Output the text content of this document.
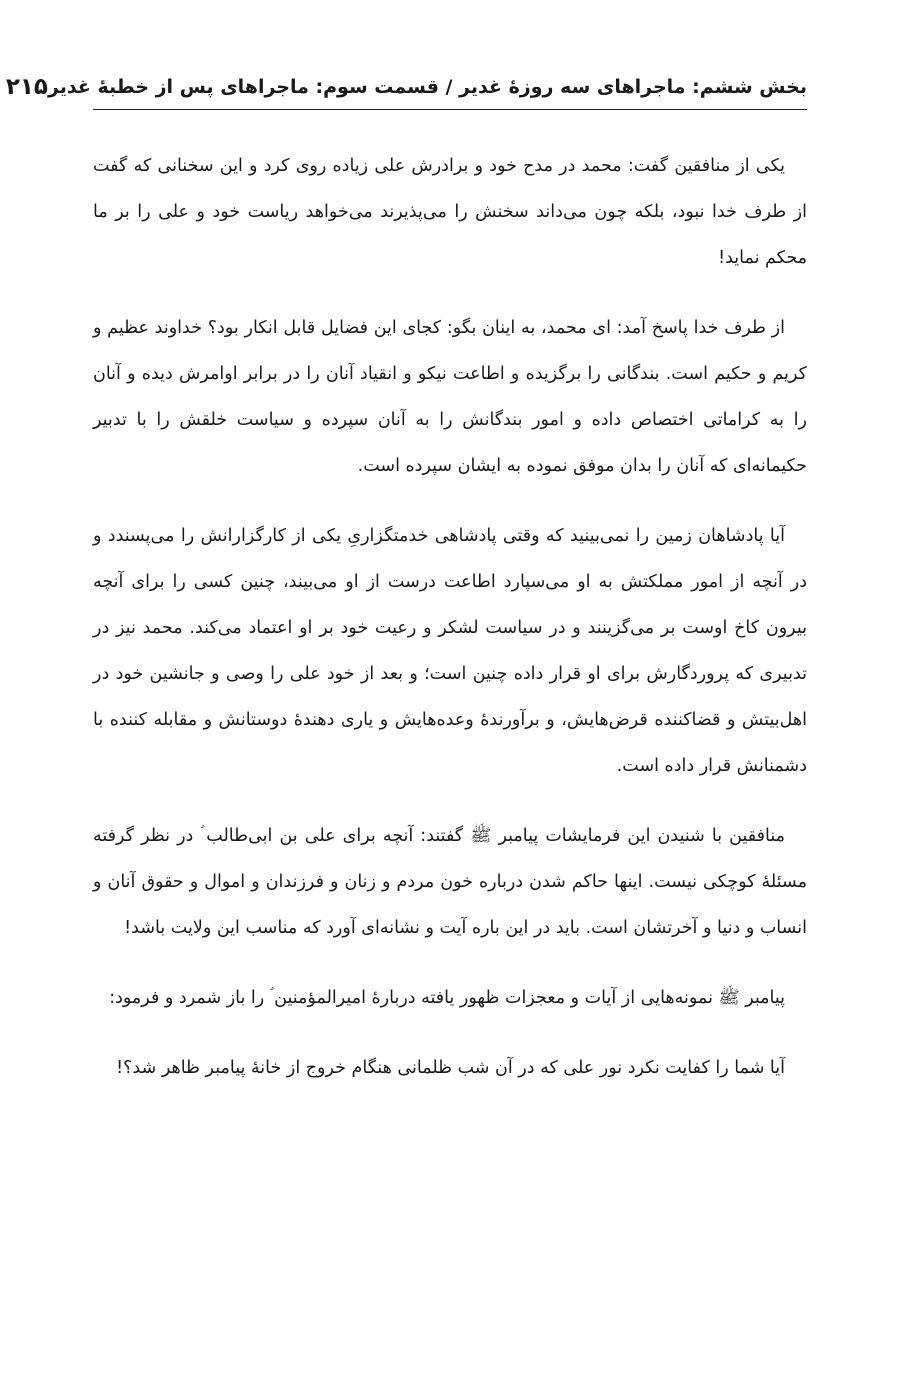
بخش ششم: ماجراهای سه روزهٔ غدیر / قسمت سوم: ماجراهای پس از خطبهٔ غدیر
۲۱۵

یکی از منافقین گفت: محمد در مدح خود و برادرش علی زیاده روی کرد و این سخنانی که گفت از طرف خدا نبود، بلکه چون می‌داند سخنش را می‌پذیرند می‌خواهد ریاست خود و علی را بر ما محکم نماید!

از طرف خدا پاسخ آمد: ای محمد، به اینان بگو: کجای این فضایل قابل انکار بود؟ خداوند عظیم و کریم و حکیم است. بندگانی را برگزیده و اطاعت نیکو و انقیاد آنان را در برابر اوامرش دیده و آنان را به کراماتی اختصاص داده و امور بندگانش را به آنان سپرده و سیاست خلقش را با تدبیر حکیمانه‌ای که آنان را بدان موفق نموده به ایشان سپرده است.

آیا پادشاهان زمین را نمی‌بینید که وقتی پادشاهی خدمتگزاریِ یکی از کارگزارانش را می‌پسندد و در آنچه از امور مملکتش به او می‌سپارد اطاعت درست از او می‌بیند، چنین کسی را برای آنچه بیرون کاخ اوست بر می‌گزینند و در سیاست لشکر و رعیت خود بر او اعتماد می‌کند. محمد نیز در تدبیری که پروردگارش برای او قرار داده چنین است؛ و بعد از خود علی را وصی و جانشین خود در اهل‌بیتش و قضاکننده قرض‌هایش، و برآورندهٔ وعده‌هایش و یاری دهندهٔ دوستانش و مقابله کننده با دشمنانش قرار داده است.

منافقین با شنیدن این فرمایشات پیامبر ﷺ گفتند: آنچه برای علی بن ابی‌طالب ؑ در نظر گرفته مسئلهٔ کوچکی نیست. اینها حاکم شدن درباره خون مردم و زنان و فرزندان و اموال و حقوق آنان و انساب و دنیا و آخرتشان است. باید در این باره آیت و نشانه‌ای آورد که مناسب این ولایت باشد!

پیامبر ﷺ نمونه‌هایی از آیات و معجزات ظهور یافته دربارهٔ امیرالمؤمنین ؑ را باز شمرد و فرمود:

آیا شما را کفایت نکرد نور علی که در آن شب ظلمانی هنگام خروج از خانهٔ پیامبر ظاهر شد؟!
